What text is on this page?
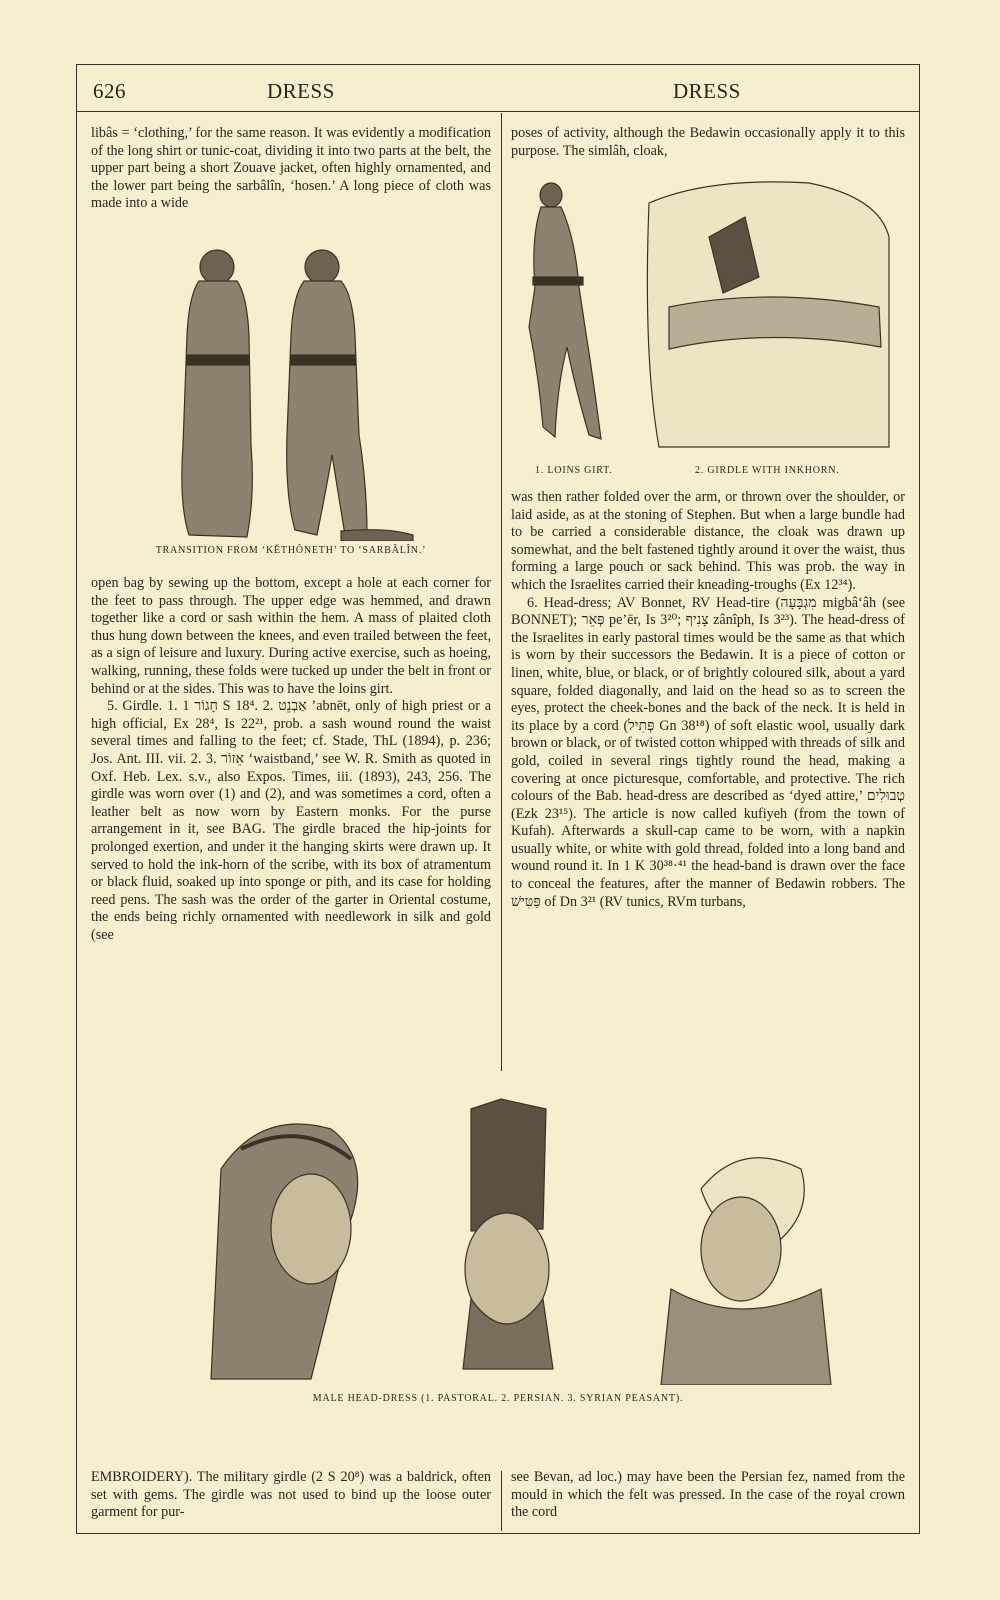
626	DRESS	DRESS

libâs = ‘clothing,’ for the same reason. It was evidently a modification of the long shirt or tunic-coat, dividing it into two parts at the belt, the upper part being a short Zouave jacket, often highly ornamented, and the lower part being the sarbâlîn, ‘hosen.’ A long piece of cloth was made into a wide

TRANSITION FROM ‘KĔTHŌNETH’ TO ‘SARBÂLÎN.’

open bag by sewing up the bottom, except a hole at each corner for the feet to pass through. The upper edge was hemmed, and drawn together like a cord or sash within the hem. A mass of plaited cloth thus hung down between the knees, and even trailed between the feet, as a sign of leisure and luxury. During active exercise, such as hoeing, walking, running, these folds were tucked up under the belt in front or behind or at the sides. This was to have the loins girt.

5. Girdle. 1. חָגוֹר 1 S 18⁴. 2. אַבְנֵט ’abnēt, only of high priest or a high official, Ex 28⁴, Is 22²¹, prob. a sash wound round the waist several times and falling to the feet; cf. Stade, ThL (1894), p. 236; Jos. Ant. III. vii. 2. 3. אֵזוֹר ‘waistband,’ see W. R. Smith as quoted in Oxf. Heb. Lex. s.v., also Expos. Times, iii. (1893), 243, 256. The girdle was worn over (1) and (2), and was sometimes a cord, often a leather belt as now worn by Eastern monks. For the purse arrangement in it, see BAG. The girdle braced the hip-joints for prolonged exertion, and under it the hanging skirts were drawn up. It served to hold the ink-horn of the scribe, with its box of atramentum or black fluid, soaked up into sponge or pith, and its case for holding reed pens. The sash was the order of the garter in Oriental costume, the ends being richly ornamented with needlework in silk and gold (see

poses of activity, although the Bedawin occasionally apply it to this purpose. The simlâh, cloak,

1. LOINS GIRT.	2. GIRDLE WITH INKHORN.

was then rather folded over the arm, or thrown over the shoulder, or laid aside, as at the stoning of Stephen. But when a large bundle had to be carried a considerable distance, the cloak was drawn up somewhat, and the belt fastened tightly around it over the waist, thus forming a large pouch or sack behind. This was prob. the way in which the Israelites carried their kneading-troughs (Ex 12³⁴).

6. Head-dress; AV Bonnet, RV Head-tire (מִגְבָּעָה migbâ‘âh (see BONNET); פְּאֵר pe’ēr, Is 3²⁰; צָנִיף zânîph, Is 3²³). The head-dress of the Israelites in early pastoral times would be the same as that which is worn by their successors the Bedawin. It is a piece of cotton or linen, white, blue, or black, or of brightly coloured silk, about a yard square, folded diagonally, and laid on the head so as to screen the eyes, protect the cheek-bones and the back of the neck. It is held in its place by a cord (פְּתִיל Gn 38¹⁸) of soft elastic wool, usually dark brown or black, or of twisted cotton whipped with threads of silk and gold, coiled in several rings tightly round the head, making a covering at once picturesque, comfortable, and protective. The rich colours of the Bab. head-dress are described as ‘dyed attire,’ טְבוּלִים (Ezk 23¹⁵). The article is now called kufiyeh (from the town of Kufah). Afterwards a skull-cap came to be worn, with a napkin usually white, or white with gold thread, folded into a long band and wound round it. In 1 K 30³⁸·⁴¹ the head-band is drawn over the face to conceal the features, after the manner of Bedawin robbers. The פַּטִּישׁ of Dn 3²¹ (RV tunics, RVm turbans,

MALE HEAD-DRESS (1. PASTORAL. 2. PERSIAN. 3. SYRIAN PEASANT).

EMBROIDERY). The military girdle (2 S 20⁸) was a baldrick, often set with gems. The girdle was not used to bind up the loose outer garment for pur-

see Bevan, ad loc.) may have been the Persian fez, named from the mould in which the felt was pressed. In the case of the royal crown the cord
